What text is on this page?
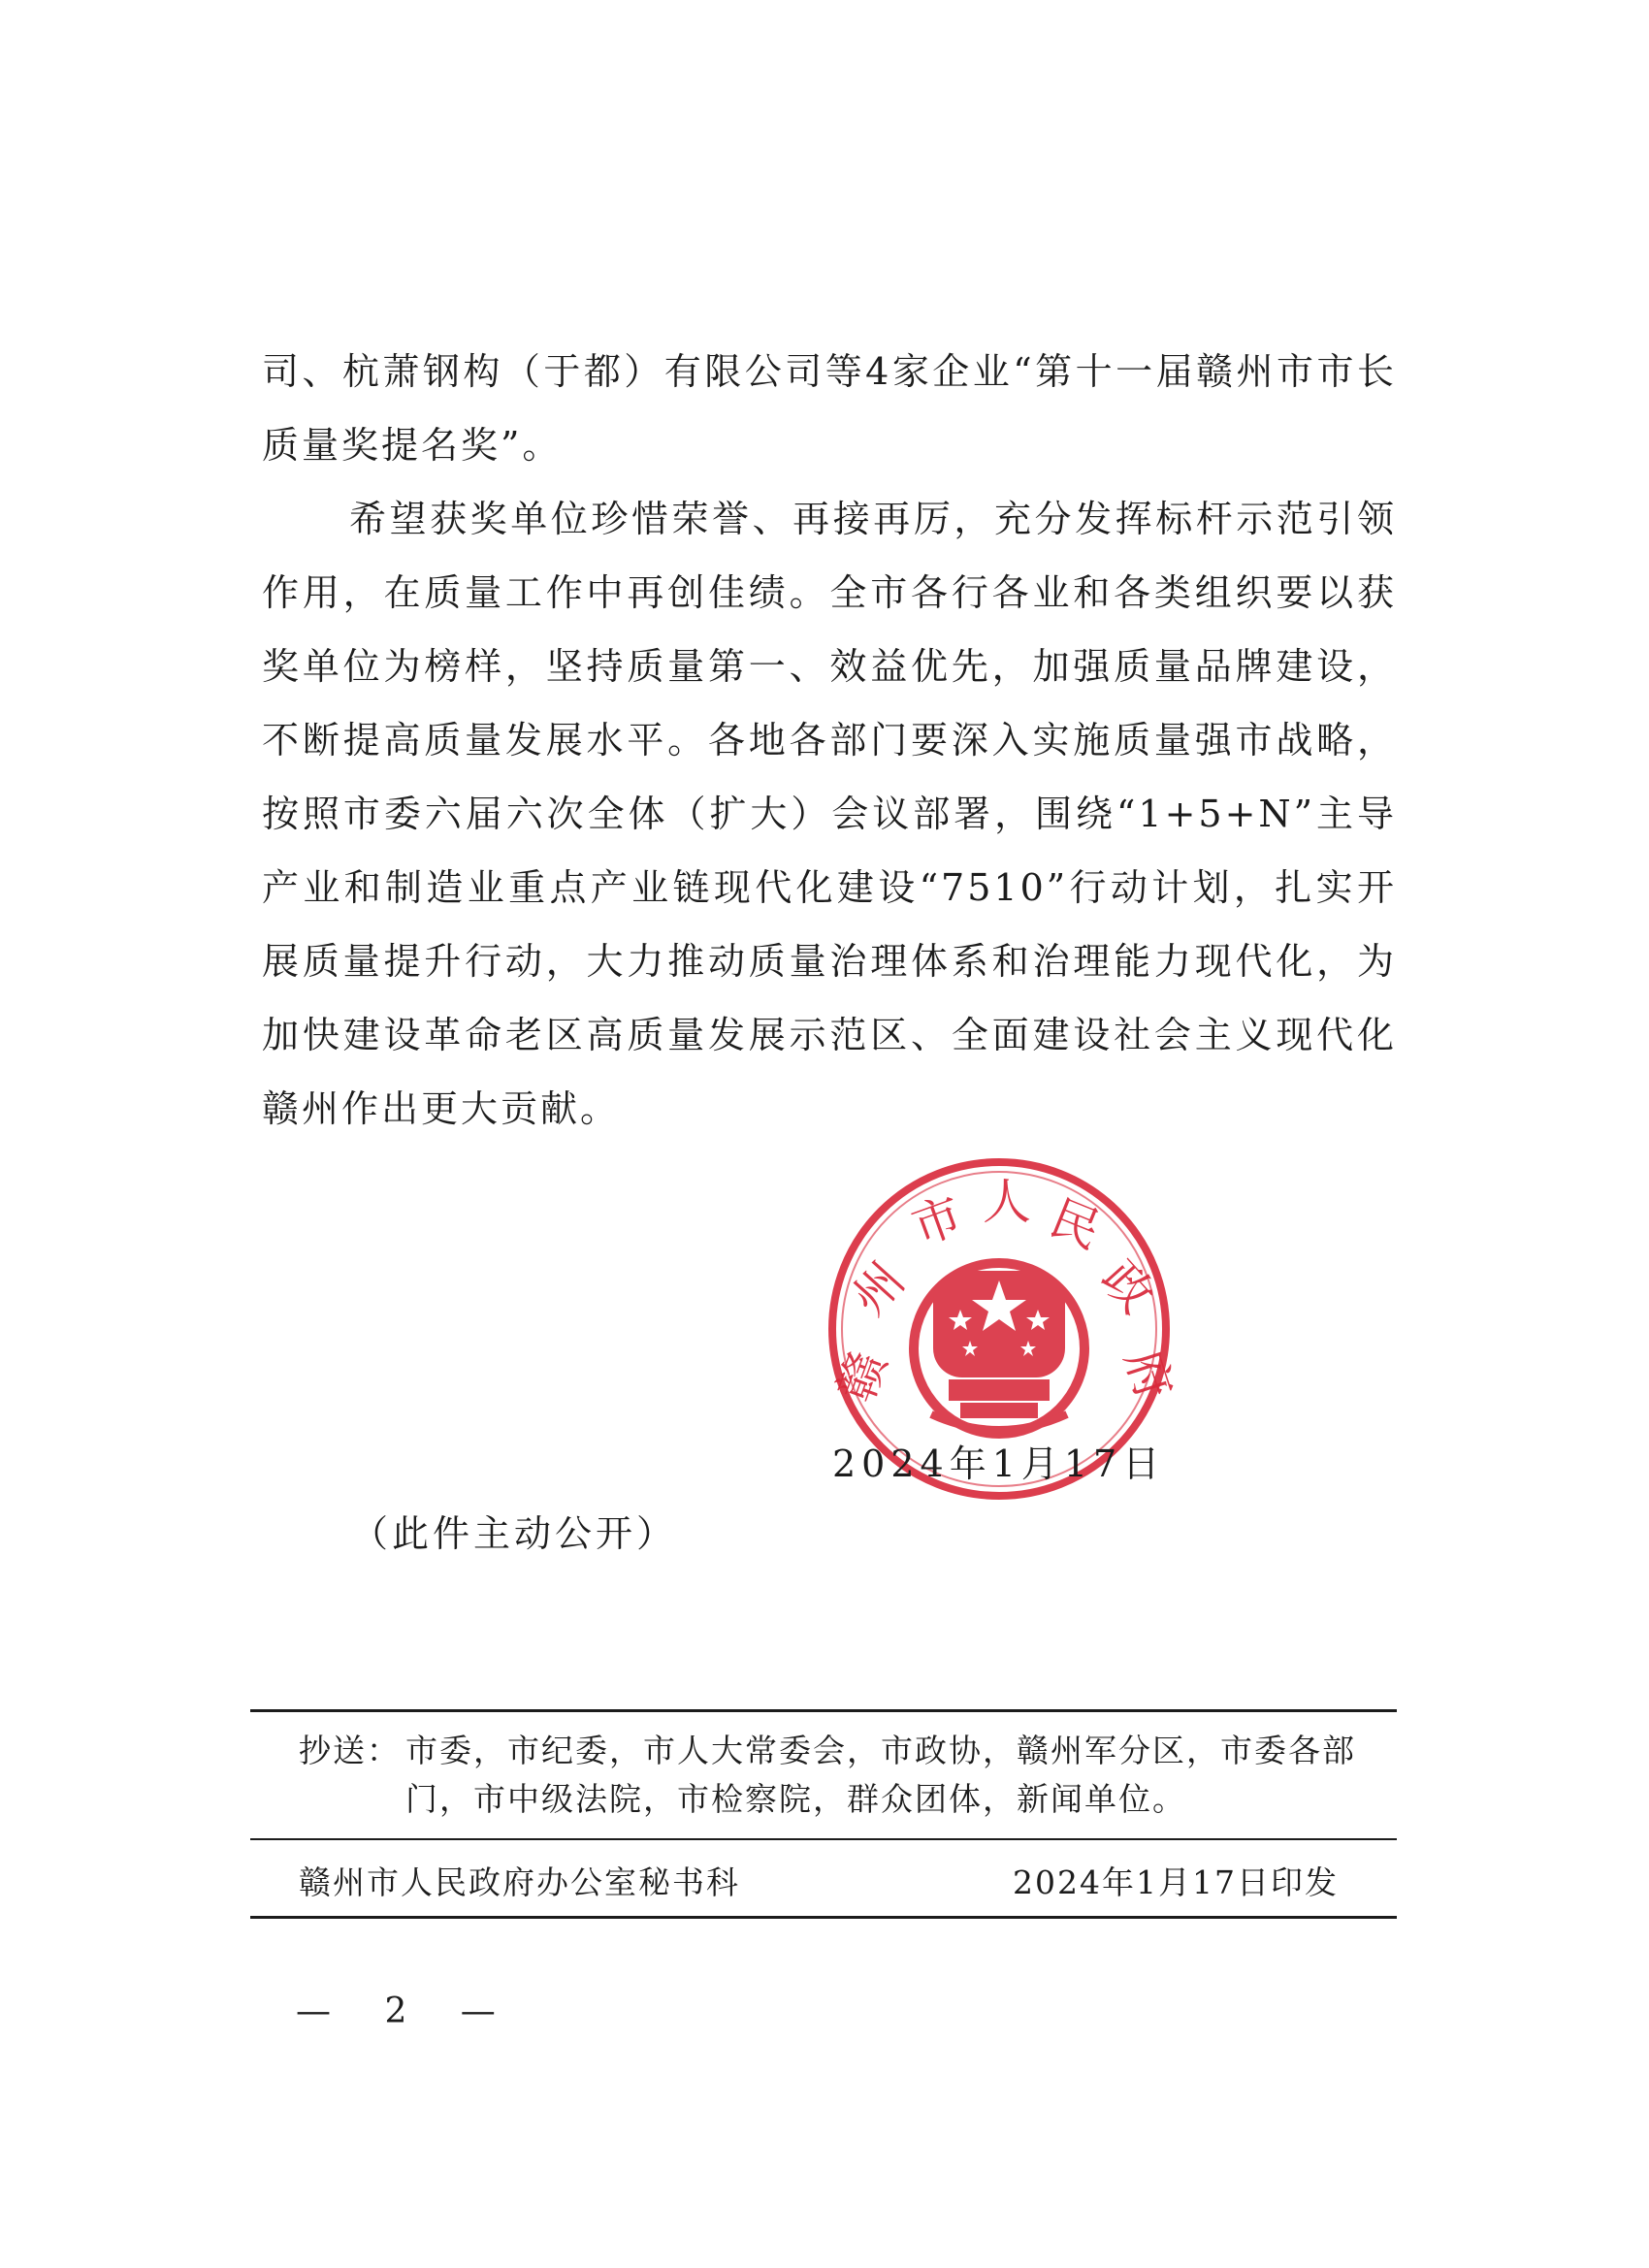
司、杭萧钢构（于都）有限公司等4家企业“第十一届赣州市市长质量奖提名奖”。

希望获奖单位珍惜荣誉、再接再厉，充分发挥标杆示范引领作用，在质量工作中再创佳绩。全市各行各业和各类组织要以获奖单位为榜样，坚持质量第一、效益优先，加强质量品牌建设，不断提高质量发展水平。各地各部门要深入实施质量强市战略，按照市委六届六次全体（扩大）会议部署，围绕“1+5+N”主导产业和制造业重点产业链现代化建设“7510”行动计划，扎实开展质量提升行动，大力推动质量治理体系和治理能力现代化，为加快建设革命老区高质量发展示范区、全面建设社会主义现代化赣州作出更大贡献。

赣
州
市 人 民
政
府
2024年1月17日
（此件主动公开）
抄送： 市委，市纪委，市人大常委会，市政协，赣州军分区，市委各部门，市中级法院，市检察院，群众团体，新闻单位。
赣州市人民政府办公室秘书科	2024年1月17日印发
— 2 —
